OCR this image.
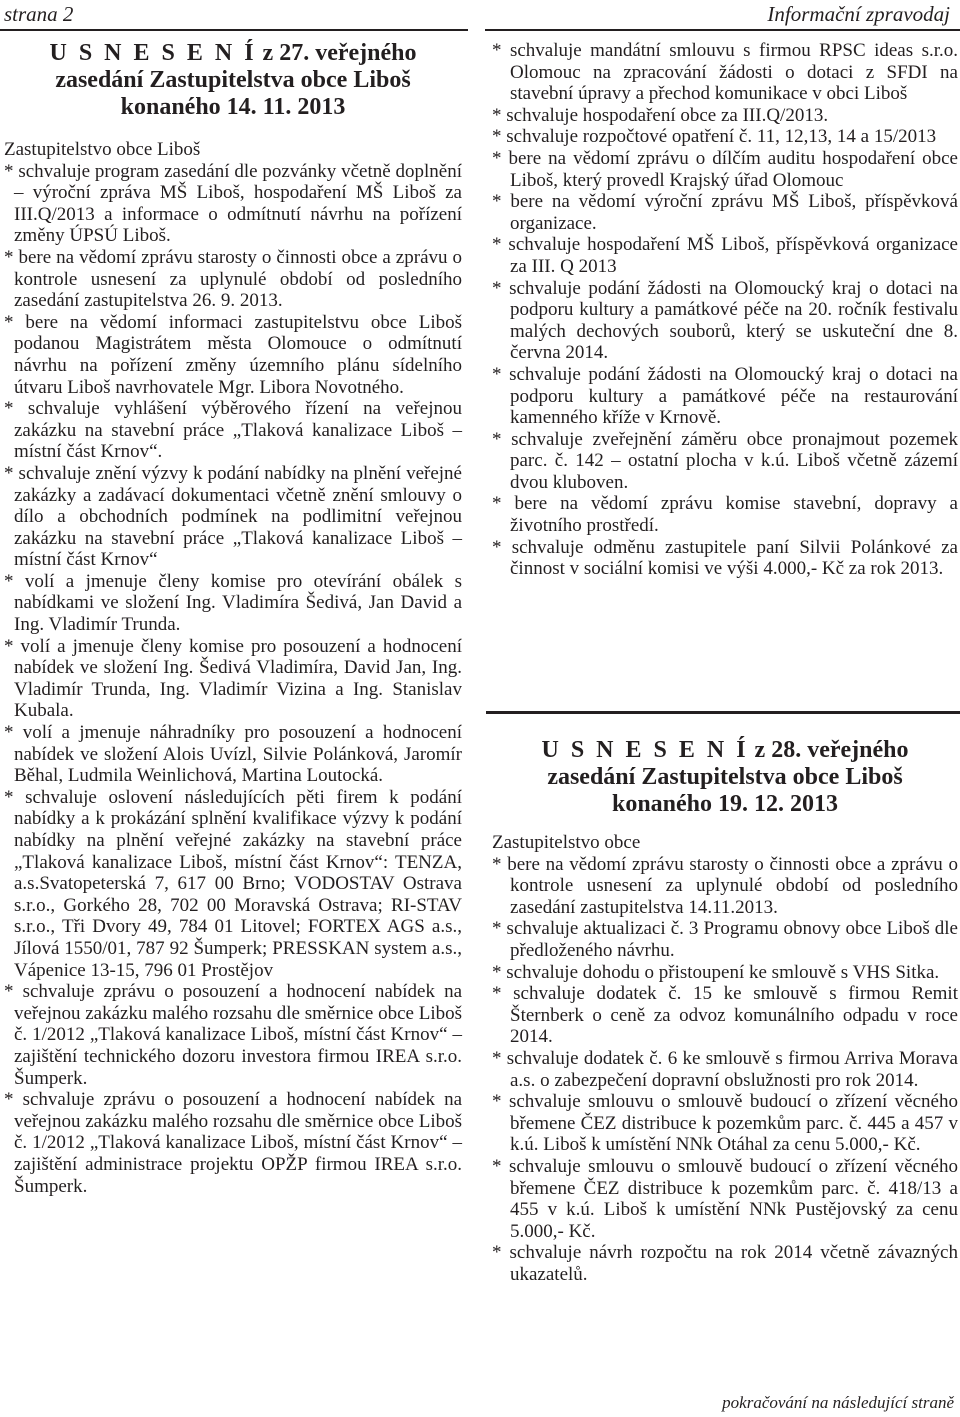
strana 2	Informační zpravodaj
U S N E S E N Í z 27. veřejného
zasedání Zastupitelstva obce Liboš
konaného 14. 11. 2013

Zastupitelstvo obce Liboš

* schvaluje program zasedání dle pozvánky včetně doplnění – výroční zpráva MŠ Liboš, hospodaření MŠ Liboš za III.Q/2013 a informace o odmítnutí návrhu na pořízení změny ÚPSÚ Liboš.

* bere na vědomí zprávu starosty o činnosti obce a zprávu o kontrole usnesení za uplynulé období od posledního zasedání zastupitelstva 26. 9. 2013.

* bere na vědomí informaci zastupitelstvu obce Liboš podanou Magistrátem města Olomouce o odmítnutí návrhu na pořízení změny územního plánu sídelního útvaru Liboš navrhovatele Mgr. Libora Novotného.

* schvaluje vyhlášení výběrového řízení na veřejnou zakázku na stavební práce „Tlaková kanalizace Liboš – místní část Krnov“.

* schvaluje znění výzvy k podání nabídky na plnění veřejné zakázky a zadávací dokumentaci včetně znění smlouvy o dílo a obchodních podmínek na podlimitní veřejnou zakázku na stavební práce „Tlaková kanalizace Liboš – místní část Krnov“

* volí a jmenuje členy komise pro otevírání obálek s nabídkami ve složení Ing. Vladimíra Šedivá, Jan David a Ing. Vladimír Trunda.

* volí a jmenuje členy komise pro posouzení a hodnocení nabídek ve složení Ing. Šedivá Vladimíra, David Jan, Ing. Vladimír Trunda, Ing. Vladimír Vizina a Ing. Stanislav Kubala.

* volí a jmenuje náhradníky pro posouzení a hodnocení nabídek ve složení Alois Uvízl, Silvie Polánková, Jaromír Běhal, Ludmila Weinlichová, Martina Loutocká.

* schvaluje oslovení následujících pěti firem k podání nabídky a k prokázání splnění kvalifikace výzvy k podání nabídky na plnění veřejné zakázky na stavební práce „Tlaková kanalizace Liboš, místní část Krnov“: TENZA, a.s.Svatopeterská 7, 617 00 Brno; VODOSTAV Ostrava s.r.o., Gorkého 28, 702 00 Moravská Ostrava; RI-STAV s.r.o., Tři Dvory 49, 784 01 Litovel; FORTEX AGS a.s., Jílová 1550/01, 787 92 Šumperk; PRESSKAN system a.s., Vápenice 13-15, 796 01 Prostějov

* schvaluje zprávu o posouzení a hodnocení nabídek na veřejnou zakázku malého rozsahu dle směrnice obce Liboš č. 1/2012 „Tlaková kanalizace Liboš, místní část Krnov“ – zajištění technického dozoru investora firmou IREA s.r.o. Šumperk.

* schvaluje zprávu o posouzení a hodnocení nabídek na veřejnou zakázku malého rozsahu dle směrnice obce Liboš č. 1/2012 „Tlaková kanalizace Liboš, místní část Krnov“ – zajištění administrace projektu OPŽP firmou IREA s.r.o. Šumperk.

* schvaluje mandátní smlouvu s firmou RPSC ideas s.r.o. Olomouc na zpracování žádosti o dotaci z SFDI na stavební úpravy a přechod komunikace v obci Liboš

* schvaluje hospodaření obce za III.Q/2013.

* schvaluje rozpočtové opatření č. 11, 12,13, 14 a 15/2013

* bere na vědomí zprávu o dílčím auditu hospodaření obce Liboš, který provedl Krajský úřad Olomouc

* bere na vědomí výroční zprávu MŠ Liboš, příspěvková organizace.

* schvaluje hospodaření MŠ Liboš, příspěvková organizace za III. Q 2013

* schvaluje podání žádosti na Olomoucký kraj o dotaci na podporu kultury a památkové péče na 20. ročník festivalu malých dechových souborů, který se uskuteční dne 8. června 2014.

* schvaluje podání žádosti na Olomoucký kraj o dotaci na podporu kultury a památkové péče na restaurování kamenného kříže v Krnově.

* schvaluje zveřejnění záměru obce pronajmout pozemek parc. č. 142 – ostatní plocha v k.ú. Liboš včetně zázemí dvou kluboven.

* bere na vědomí zprávu komise stavební, dopravy a životního prostředí.

* schvaluje odměnu zastupitele paní Silvii Polánkové za činnost v sociální komisi ve výši 4.000,- Kč za rok 2013.

U S N E S E N Í z 28. veřejného
zasedání Zastupitelstva obce Liboš
konaného 19. 12. 2013

Zastupitelstvo obce

* bere na vědomí zprávu starosty o činnosti obce a zprávu o kontrole usnesení za uplynulé období od posledního zasedání zastupitelstva 14.11.2013.

* schvaluje aktualizaci č. 3 Programu obnovy obce Liboš dle předloženého návrhu.

* schvaluje dohodu o přistoupení ke smlouvě s VHS Sitka.

* schvaluje dodatek č. 15 ke smlouvě s firmou Remit Šternberk o ceně za odvoz komunálního odpadu v roce 2014.

* schvaluje dodatek č. 6 ke smlouvě s firmou Arriva Morava a.s. o zabezpečení dopravní obslužnosti pro rok 2014.

* schvaluje smlouvu o smlouvě budoucí o zřízení věcného břemene ČEZ distribuce k pozemkům parc. č. 445 a 457 v k.ú. Liboš k umístění NNk Otáhal za cenu 5.000,- Kč.

* schvaluje smlouvu o smlouvě budoucí o zřízení věcného břemene ČEZ distribuce k pozemkům parc. č. 418/13 a 455 v k.ú. Liboš k umístění NNk Pustějovský za cenu 5.000,- Kč.

* schvaluje návrh rozpočtu na rok 2014 včetně závazných ukazatelů.

pokračování na následující straně
